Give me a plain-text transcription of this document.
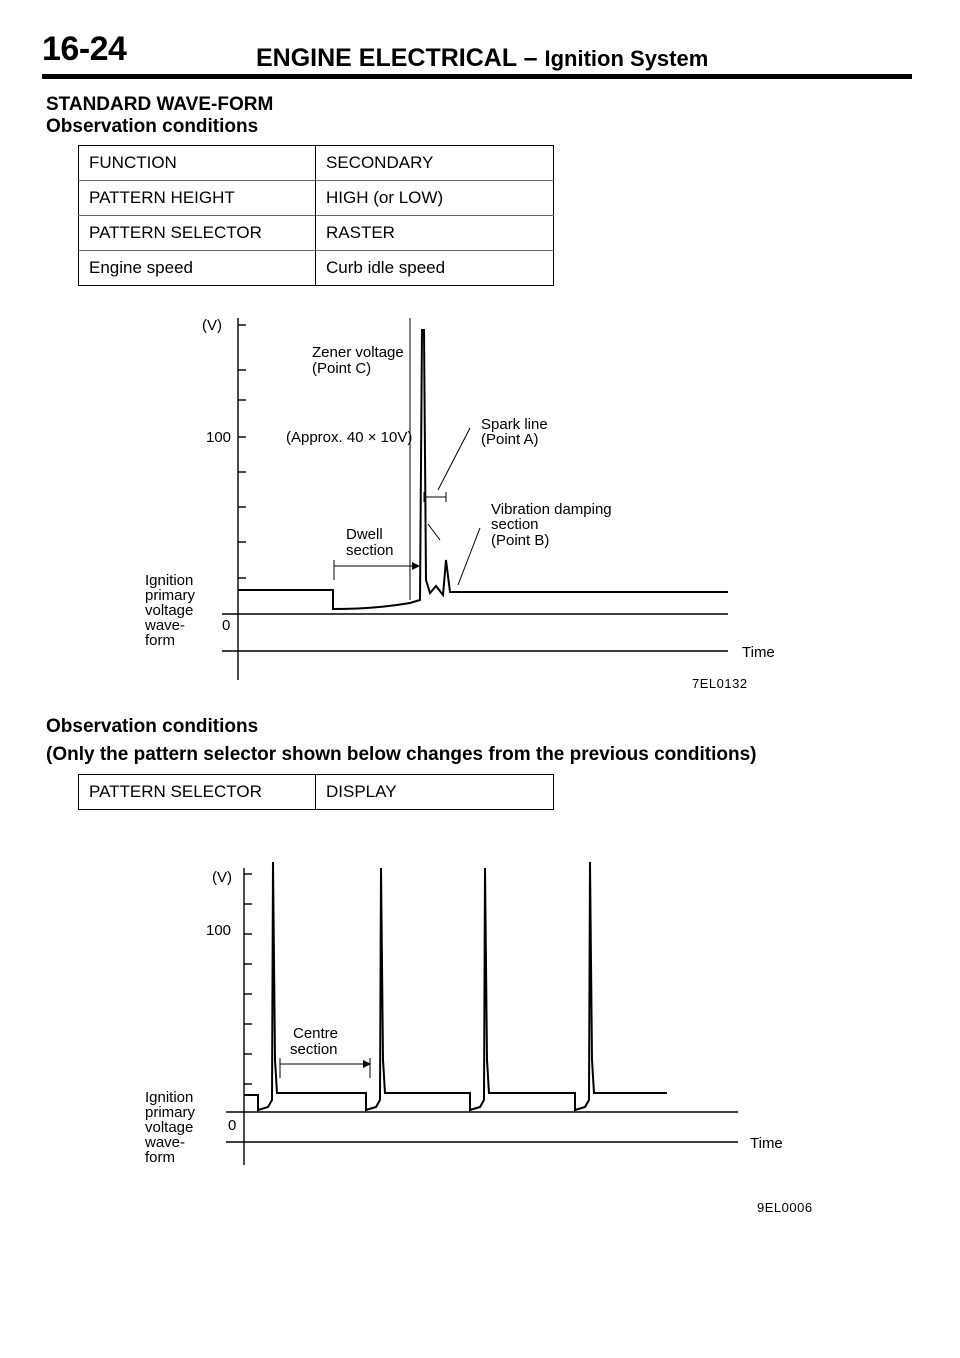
16-24	ENGINE ELECTRICAL – Ignition System
STANDARD WAVE-FORM
Observation conditions
FUNCTION	SECONDARY
PATTERN HEIGHT	HIGH (or LOW)
PATTERN SELECTOR	RASTER
Engine speed	Curb idle speed
(V)
100
0
Ignition
primary
voltage
wave-
form
Time
Zener voltage
(Point C)
(Approx. 40 × 10V)
Spark line
(Point A)
Vibration damping
section
(Point B)
Dwell
section
7EL0132
Observation conditions
(Only the pattern selector shown below changes from the previous conditions)
PATTERN SELECTOR	DISPLAY
(V)
100
0
Ignition
primary
voltage
wave-
form
Time
Centre
section
9EL0006
